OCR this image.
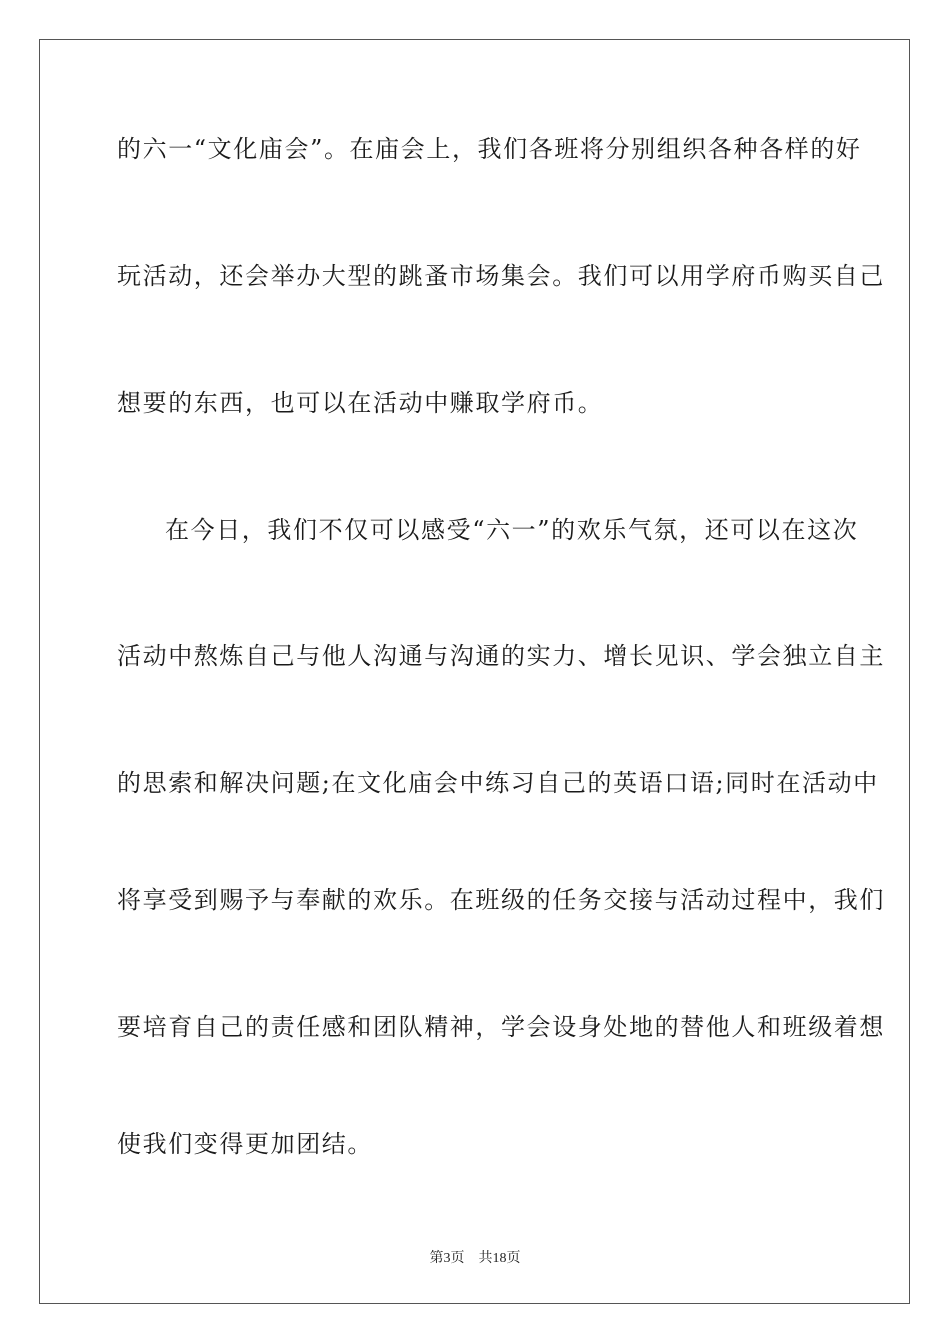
的六一“文化庙会”。在庙会上，我们各班将分别组织各种各样的好
玩活动，还会举办大型的跳蚤市场集会。我们可以用学府币购买自己
想要的东西，也可以在活动中赚取学府币。
在今日，我们不仅可以感受“六一”的欢乐气氛，还可以在这次
活动中熬炼自己与他人沟通与沟通的实力、增长见识、学会独立自主
的思索和解决问题;在文化庙会中练习自己的英语口语;同时在活动中
将享受到赐予与奉献的欢乐。在班级的任务交接与活动过程中，我们
要培育自己的责任感和团队精神，学会设身处地的替他人和班级着想
使我们变得更加团结。
第3页 共18页
